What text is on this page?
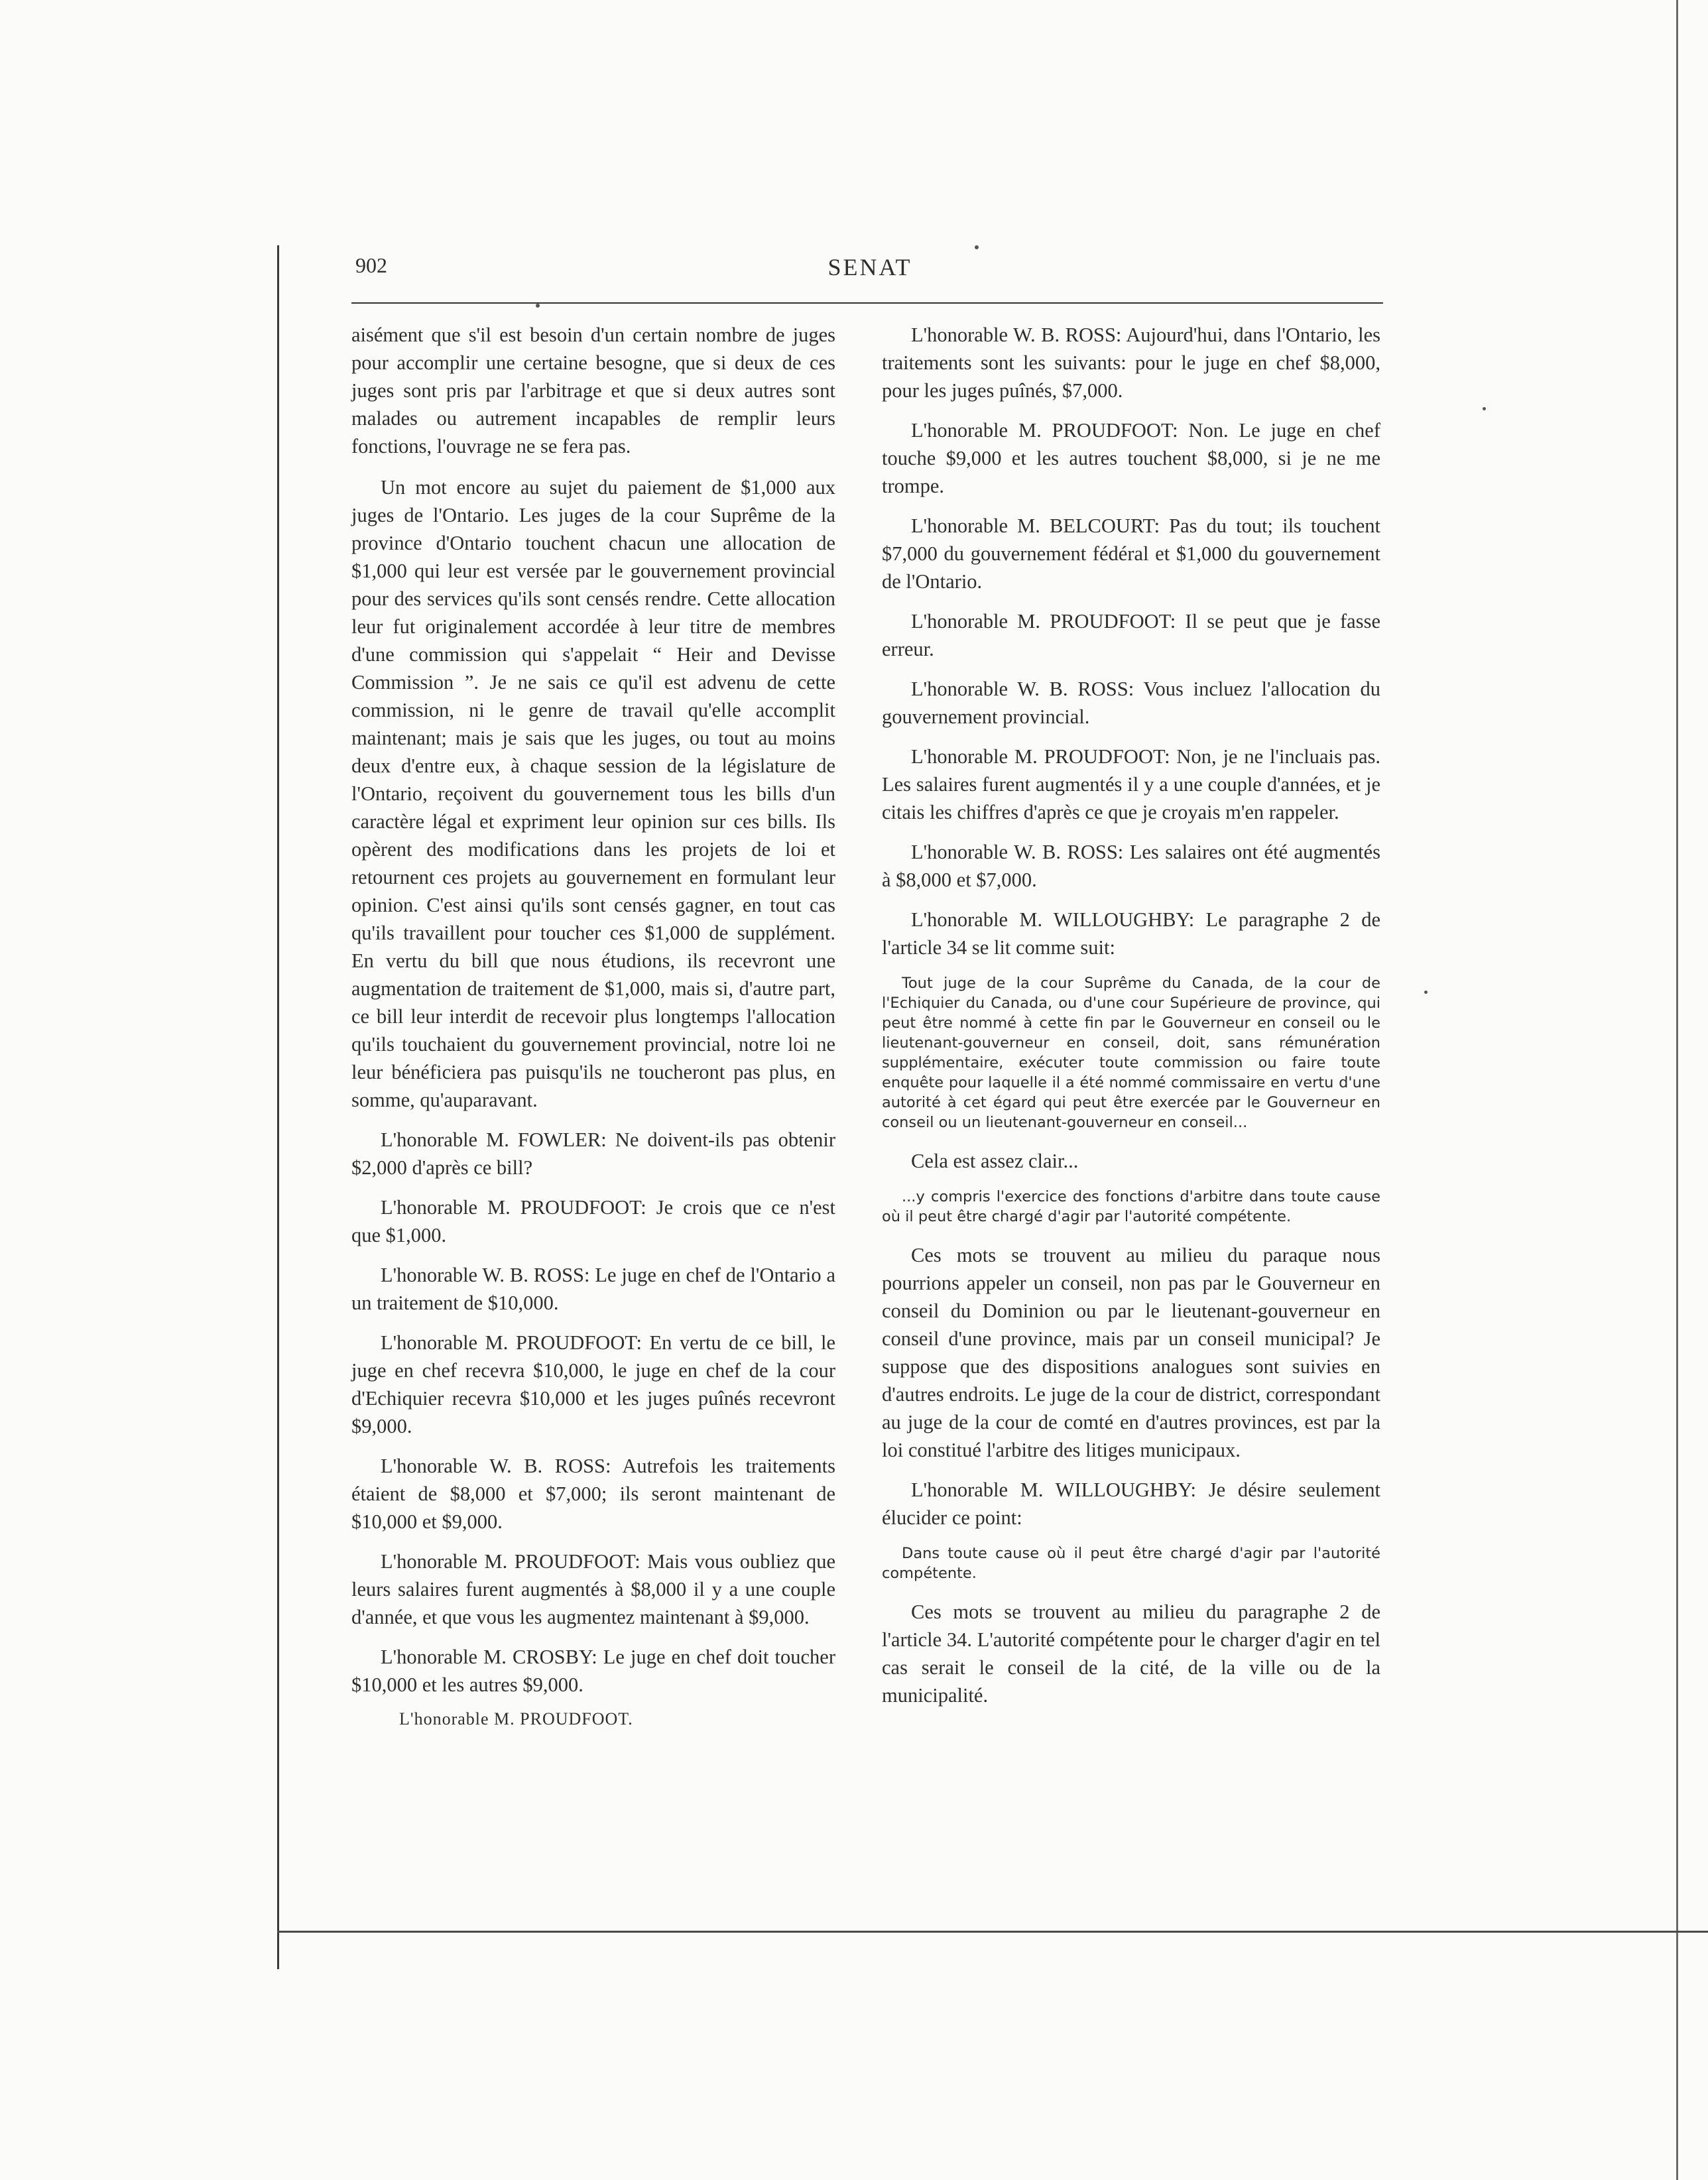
902	SENAT

aisément que s'il est besoin d'un certain nombre de juges pour accomplir une certaine besogne, que si deux de ces juges sont pris par l'arbitrage et que si deux autres sont malades ou autrement incapables de remplir leurs fonctions, l'ouvrage ne se fera pas.

Un mot encore au sujet du paiement de $1,000 aux juges de l'Ontario. Les juges de la cour Suprême de la province d'Ontario touchent chacun une allocation de $1,000 qui leur est versée par le gouvernement provincial pour des services qu'ils sont censés rendre. Cette allocation leur fut originalement accordée à leur titre de membres d'une commission qui s'appelait “ Heir and Devisse Commission ”. Je ne sais ce qu'il est advenu de cette commission, ni le genre de travail qu'elle accomplit maintenant; mais je sais que les juges, ou tout au moins deux d'entre eux, à chaque session de la législature de l'Ontario, reçoivent du gouvernement tous les bills d'un caractère légal et expriment leur opinion sur ces bills. Ils opèrent des modifications dans les projets de loi et retournent ces projets au gouvernement en formulant leur opinion. C'est ainsi qu'ils sont censés gagner, en tout cas qu'ils travaillent pour toucher ces $1,000 de supplément. En vertu du bill que nous étudions, ils recevront une augmentation de traitement de $1,000, mais si, d'autre part, ce bill leur interdit de recevoir plus longtemps l'allocation qu'ils touchaient du gouvernement provincial, notre loi ne leur bénéficiera pas puisqu'ils ne toucheront pas plus, en somme, qu'auparavant.

L'honorable M. FOWLER: Ne doivent-ils pas obtenir $2,000 d'après ce bill?

L'honorable M. PROUDFOOT: Je crois que ce n'est que $1,000.

L'honorable W. B. ROSS: Le juge en chef de l'Ontario a un traitement de $10,000.

L'honorable M. PROUDFOOT: En vertu de ce bill, le juge en chef recevra $10,000, le juge en chef de la cour d'Echiquier recevra $10,000 et les juges puînés recevront $9,000.

L'honorable W. B. ROSS: Autrefois les traitements étaient de $8,000 et $7,000; ils seront maintenant de $10,000 et $9,000.

L'honorable M. PROUDFOOT: Mais vous oubliez que leurs salaires furent augmentés à $8,000 il y a une couple d'année, et que vous les augmentez maintenant à $9,000.

L'honorable M. CROSBY: Le juge en chef doit toucher $10,000 et les autres $9,000.

L'honorable M. PROUDFOOT.

L'honorable W. B. ROSS: Aujourd'hui, dans l'Ontario, les traitements sont les suivants: pour le juge en chef $8,000, pour les juges puînés, $7,000.

L'honorable M. PROUDFOOT: Non. Le juge en chef touche $9,000 et les autres touchent $8,000, si je ne me trompe.

L'honorable M. BELCOURT: Pas du tout; ils touchent $7,000 du gouvernement fédéral et $1,000 du gouvernement de l'Ontario.

L'honorable M. PROUDFOOT: Il se peut que je fasse erreur.

L'honorable W. B. ROSS: Vous incluez l'allocation du gouvernement provincial.

L'honorable M. PROUDFOOT: Non, je ne l'incluais pas. Les salaires furent augmentés il y a une couple d'années, et je citais les chiffres d'après ce que je croyais m'en rappeler.

L'honorable W. B. ROSS: Les salaires ont été augmentés à $8,000 et $7,000.

L'honorable M. WILLOUGHBY: Le paragraphe 2 de l'article 34 se lit comme suit:

Tout juge de la cour Suprême du Canada, de la cour de l'Echiquier du Canada, ou d'une cour Supérieure de province, qui peut être nommé à cette fin par le Gouverneur en conseil ou le lieutenant-gouverneur en conseil, doit, sans rémunération supplémentaire, exécuter toute commission ou faire toute enquête pour laquelle il a été nommé commissaire en vertu d'une autorité à cet égard qui peut être exercée par le Gouverneur en conseil ou un lieutenant-gouverneur en conseil...

Cela est assez clair...

...y compris l'exercice des fonctions d'arbitre dans toute cause où il peut être chargé d'agir par l'autorité compétente.

Ces mots se trouvent au milieu du paraque nous pourrions appeler un conseil, non pas par le Gouverneur en conseil du Dominion ou par le lieutenant-gouverneur en conseil d'une province, mais par un conseil municipal? Je suppose que des dispositions analogues sont suivies en d'autres endroits. Le juge de la cour de district, correspondant au juge de la cour de comté en d'autres provinces, est par la loi constitué l'arbitre des litiges municipaux.

L'honorable M. WILLOUGHBY: Je désire seulement élucider ce point:

Dans toute cause où il peut être chargé d'agir par l'autorité compétente.

Ces mots se trouvent au milieu du paragraphe 2 de l'article 34. L'autorité compétente pour le charger d'agir en tel cas serait le conseil de la cité, de la ville ou de la municipalité.
